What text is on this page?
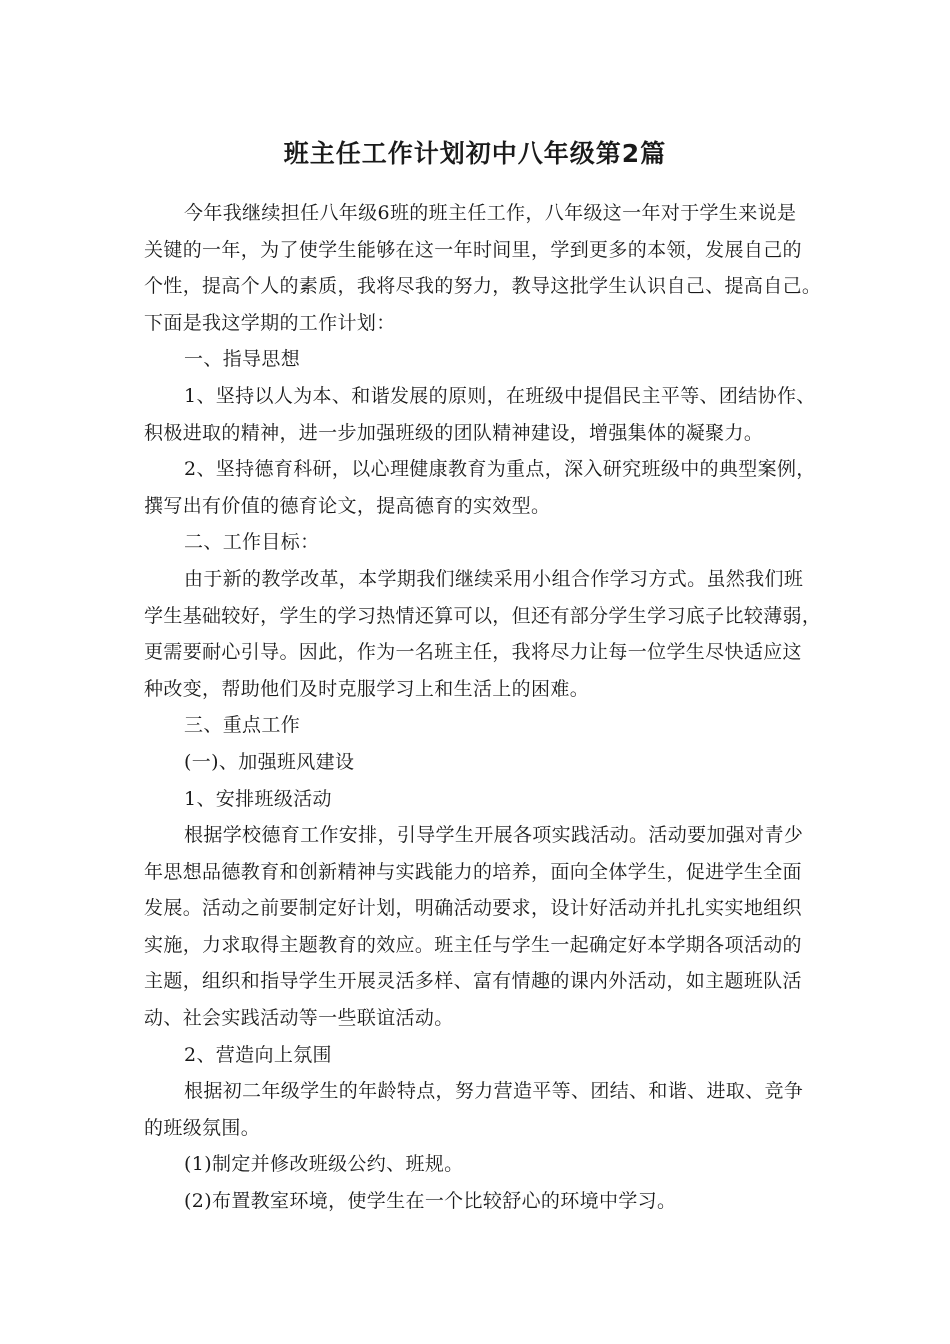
班主任工作计划初中八年级第2篇
今年我继续担任八年级6班的班主任工作，八年级这一年对于学生来说是
关键的一年，为了使学生能够在这一年时间里，学到更多的本领，发展自己的
个性，提高个人的素质，我将尽我的努力，教导这批学生认识自己、提高自己。
下面是我这学期的工作计划：
一、指导思想
1、坚持以人为本、和谐发展的原则，在班级中提倡民主平等、团结协作、
积极进取的精神，进一步加强班级的团队精神建设，增强集体的凝聚力。
2、坚持德育科研，以心理健康教育为重点，深入研究班级中的典型案例，
撰写出有价值的德育论文，提高德育的实效型。
二、工作目标：
由于新的教学改革，本学期我们继续采用小组合作学习方式。虽然我们班
学生基础较好，学生的学习热情还算可以，但还有部分学生学习底子比较薄弱，
更需要耐心引导。因此，作为一名班主任，我将尽力让每一位学生尽快适应这
种改变，帮助他们及时克服学习上和生活上的困难。
三、重点工作
(一)、加强班风建设
1、安排班级活动
根据学校德育工作安排，引导学生开展各项实践活动。活动要加强对青少
年思想品德教育和创新精神与实践能力的培养，面向全体学生，促进学生全面
发展。活动之前要制定好计划，明确活动要求，设计好活动并扎扎实实地组织
实施，力求取得主题教育的效应。班主任与学生一起确定好本学期各项活动的
主题，组织和指导学生开展灵活多样、富有情趣的课内外活动，如主题班队活
动、社会实践活动等一些联谊活动。
2、营造向上氛围
根据初二年级学生的年龄特点，努力营造平等、团结、和谐、进取、竞争
的班级氛围。
(1)制定并修改班级公约、班规。
(2)布置教室环境，使学生在一个比较舒心的环境中学习。
